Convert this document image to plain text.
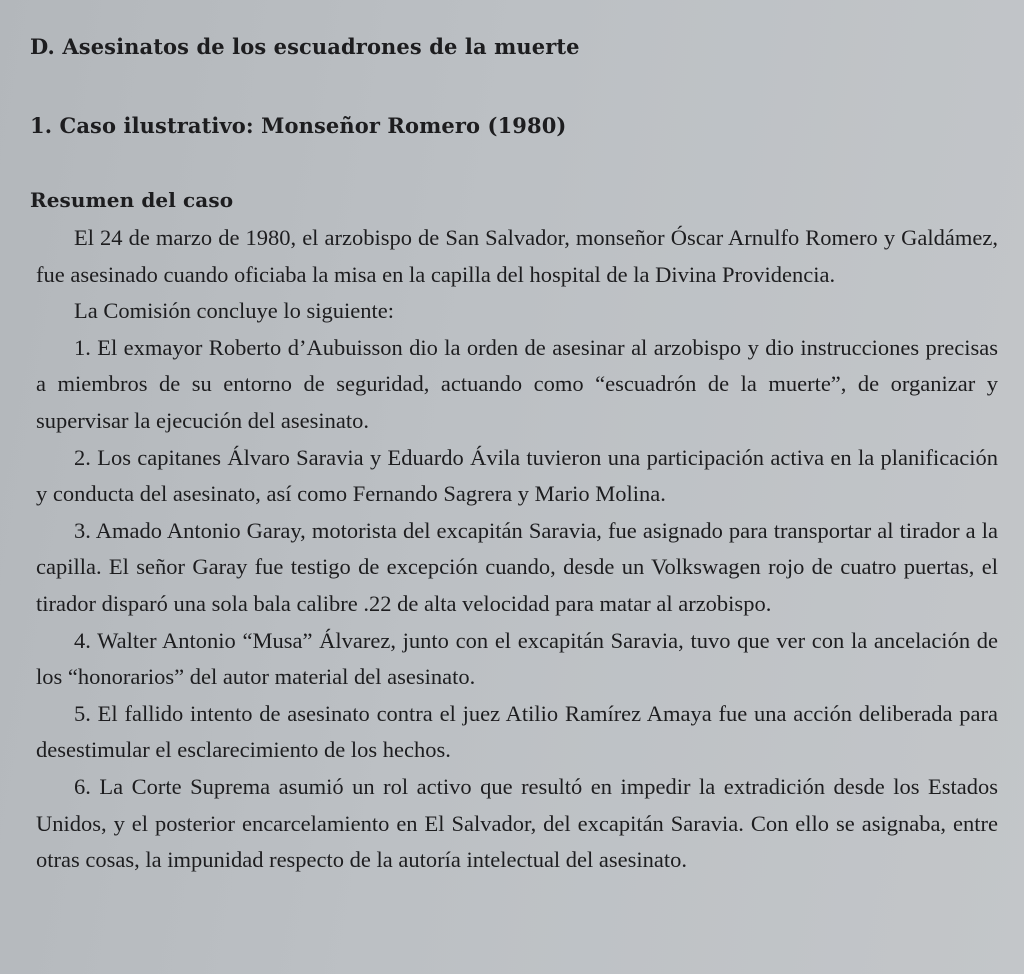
D. Asesinatos de los escuadrones de la muerte
1. Caso ilustrativo: Monseñor Romero (1980)
Resumen del caso

El 24 de marzo de 1980, el arzobispo de San Salvador, monseñor Óscar Arnulfo Romero y Galdámez, fue asesinado cuando oficiaba la misa en la capilla del hospital de la Divina Providencia.

La Comisión concluye lo siguiente:

1. El exmayor Roberto d’Aubuisson dio la orden de asesinar al arzobispo y dio instrucciones precisas a miembros de su entorno de seguridad, actuando como “escuadrón de la muerte”, de organizar y supervisar la ejecución del asesinato.

2. Los capitanes Álvaro Saravia y Eduardo Ávila tuvieron una participación activa en la planificación y conducta del asesinato, así como Fernando Sagrera y Mario Molina.

3. Amado Antonio Garay, motorista del excapitán Saravia, fue asignado para transportar al tirador a la capilla. El señor Garay fue testigo de excepción cuando, desde un Volkswagen rojo de cuatro puertas, el tirador disparó una sola bala calibre .22 de alta velocidad para matar al arzobispo.

4. Walter Antonio “Musa” Álvarez, junto con el excapitán Saravia, tuvo que ver con la ancelación de los “honorarios” del autor material del asesinato.

5. El fallido intento de asesinato contra el juez Atilio Ramírez Amaya fue una acción deliberada para desestimular el esclarecimiento de los hechos.

6. La Corte Suprema asumió un rol activo que resultó en impedir la extradición desde los Estados Unidos, y el posterior encarcelamiento en El Salvador, del excapitán Saravia. Con ello se asignaba, entre otras cosas, la impunidad respecto de la autoría intelectual del asesinato.
